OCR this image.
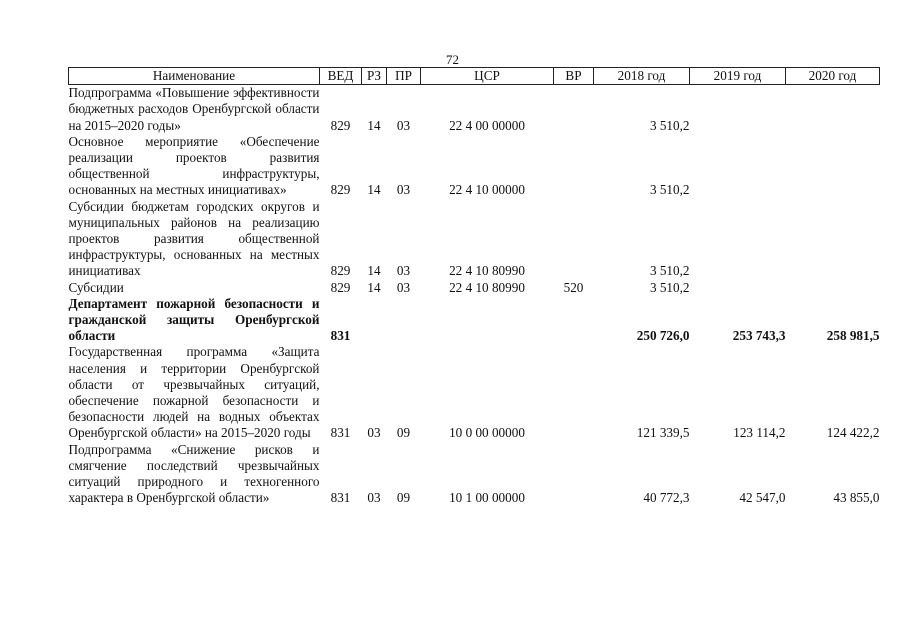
72
Наименование	ВЕД	РЗ	ПР	ЦСР	ВР	2018 год	2019 год	2020 год
Подпрограмма «Повышение эффективности бюджетных расходов Оренбургской области на 2015–2020 годы»	829	14	03	22 4 00 00000		3 510,2		
Основное мероприятие «Обеспечение реализации проектов развития общественной инфраструктуры, основанных на местных инициативах»	829	14	03	22 4 10 00000		3 510,2		
Субсидии бюджетам городских округов и муниципальных районов на реализацию проектов развития общественной инфраструктуры, основанных на местных инициативах	829	14	03	22 4 10 80990		3 510,2		
Субсидии	829	14	03	22 4 10 80990	520	3 510,2		
Департамент пожарной безопасности и гражданской защиты Оренбургской области	831					250 726,0	253 743,3	258 981,5
Государственная программа «Защита населения и территории Оренбургской области от чрезвычайных ситуаций, обеспечение пожарной безопасности и безопасности людей на водных объектах Оренбургской области» на 2015–2020 годы	831	03	09	10 0 00 00000		121 339,5	123 114,2	124 422,2
Подпрограмма «Снижение рисков и смягчение последствий чрезвычайных ситуаций природного и техногенного характера в Оренбургской области»	831	03	09	10 1 00 00000		40 772,3	42 547,0	43 855,0
